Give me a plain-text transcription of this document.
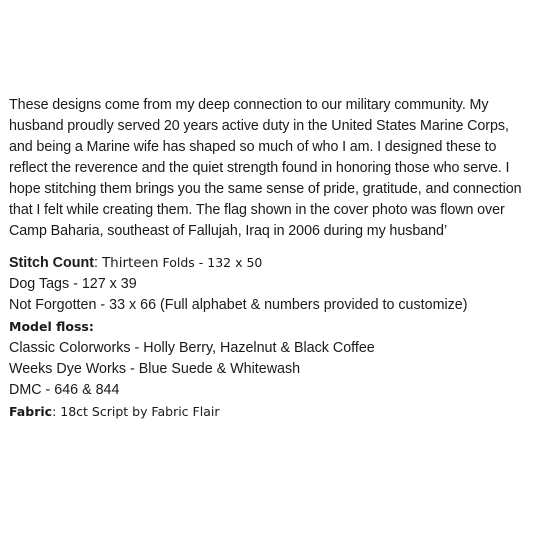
These designs come from my deep connection to our military community. My husband proudly served 20 years active duty in the United States Marine Corps, and being a Marine wife has shaped so much of who I am. I designed these to reflect the reverence and the quiet strength found in honoring those who serve. I hope stitching them brings you the same sense of pride, gratitude, and connection that I felt while creating them. The flag shown in the cover photo was flown over Camp Baharia, southeast of Fallujah, Iraq in 2006 during my husband’

Stitch Count: Thirteen Folds - 132 x 50

Dog Tags - 127 x 39

Not Forgotten - 33 x 66 (Full alphabet & numbers provided to customize)

Model floss:

Classic Colorworks - Holly Berry, Hazelnut & Black Coffee

Weeks Dye Works - Blue Suede & Whitewash

DMC - 646 & 844

Fabric: 18ct Script by Fabric Flair
